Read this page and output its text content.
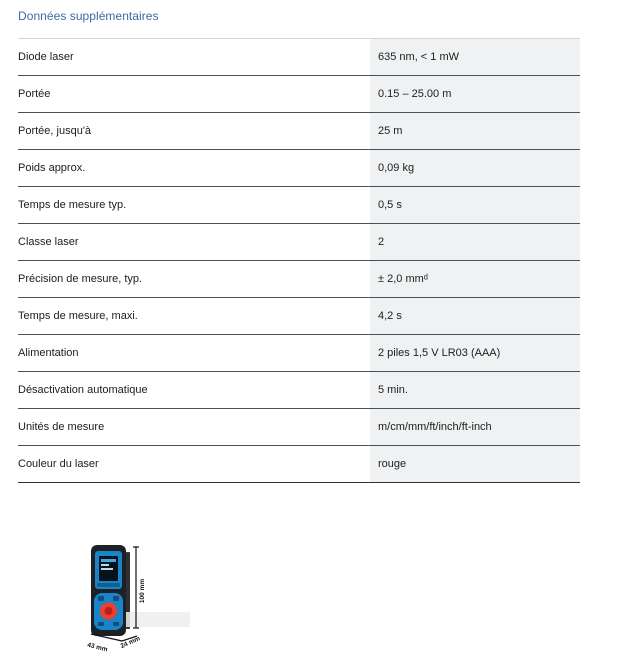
Données supplémentaires
Diode laser	635 nm, < 1 mW
Portée	0.15 – 25.00 m
Portée, jusqu'à	25 m
Poids approx.	0,09 kg
Temps de mesure typ.	0,5 s
Classe laser	2
Précision de mesure, typ.	± 2,0 mmᵈ
Temps de mesure, maxi.	4,2 s
Alimentation	2 piles 1,5 V LR03 (AAA)
Désactivation automatique	5 min.
Unités de mesure	m/cm/mm/ft/inch/ft-inch
Couleur du laser	rouge
100 mm
43 mm 24 mm
